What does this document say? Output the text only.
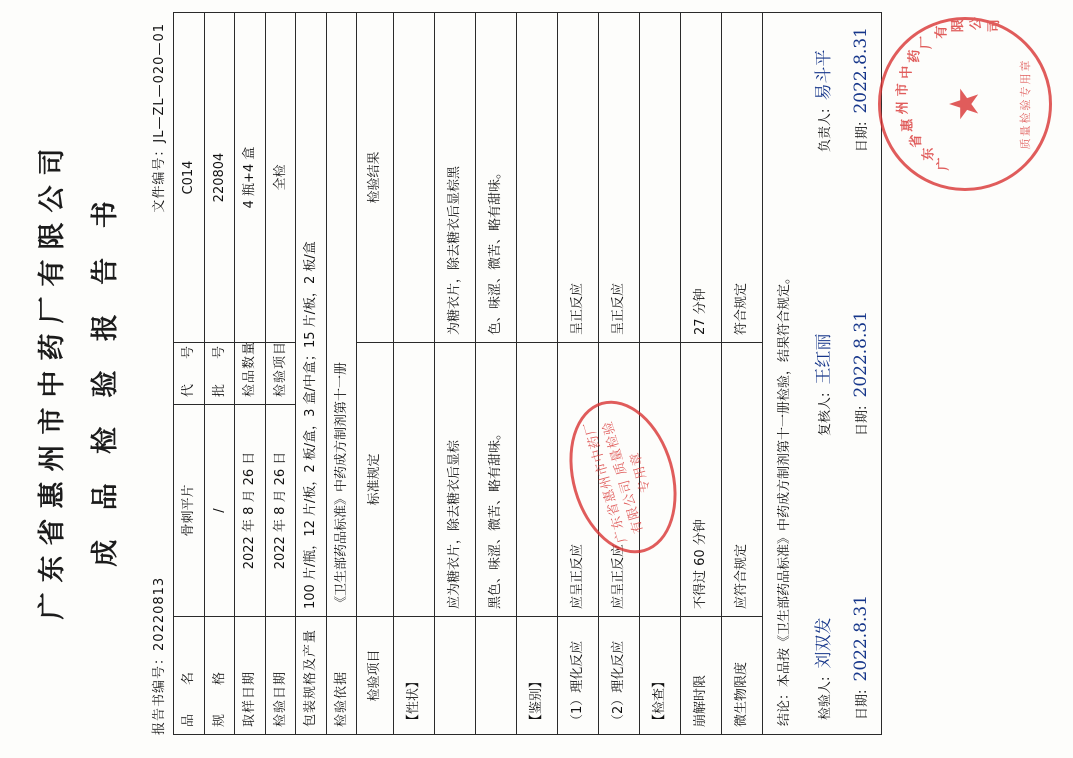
广东省惠州市中药厂有限公司 成 品 检 验 报 告 书
报告书编号：20220813
文件编号：JL—ZL—020—01
品　名	骨刺平片	代　号	C014
规　格	/	批　号	220804
取样日期	2022 年 8 月 26 日	检品数量	4 瓶+4 盒
检验日期	2022 年 8 月 26 日	检验项目	全检
包装规格及产量	100 片/瓶，12 片/板，2 板/盒，3 盒/中盒；15 片/板，2 板/盒		
检验依据	《卫生部药品标准》中药成方制剂第十一册		
检验项目	标准规定		检验结果
【性状】			
	应为糖衣片，除去糖衣后显棕		为糖衣片，除去糖衣后显棕黑
	黑色、味涩、微苦、略有甜味。		色、味涩、微苦、略有甜味。
【鉴别】			
（1）理化反应	应呈正反应		呈正反应
（2）理化反应	应呈正反应		呈正反应
【检查】			
崩解时限	不得过 60 分钟		27 分钟
微生物限度	应符合规定		符合规定

结论：本品按《卫生部药品标准》中药成方制剂第十一册检验，结果符合规定。	检验人: 刘双发
日期: 2022.8.31
复核人: 王红丽
日期: 2022.8.31
负责人: 易斗平
日期: 2022.8.31 ★
广
东
省
惠
州
市
中
药
厂
有 限 公 司
质量检验专用章
广东省惠州市中药厂有限公司 质量检验专用章
